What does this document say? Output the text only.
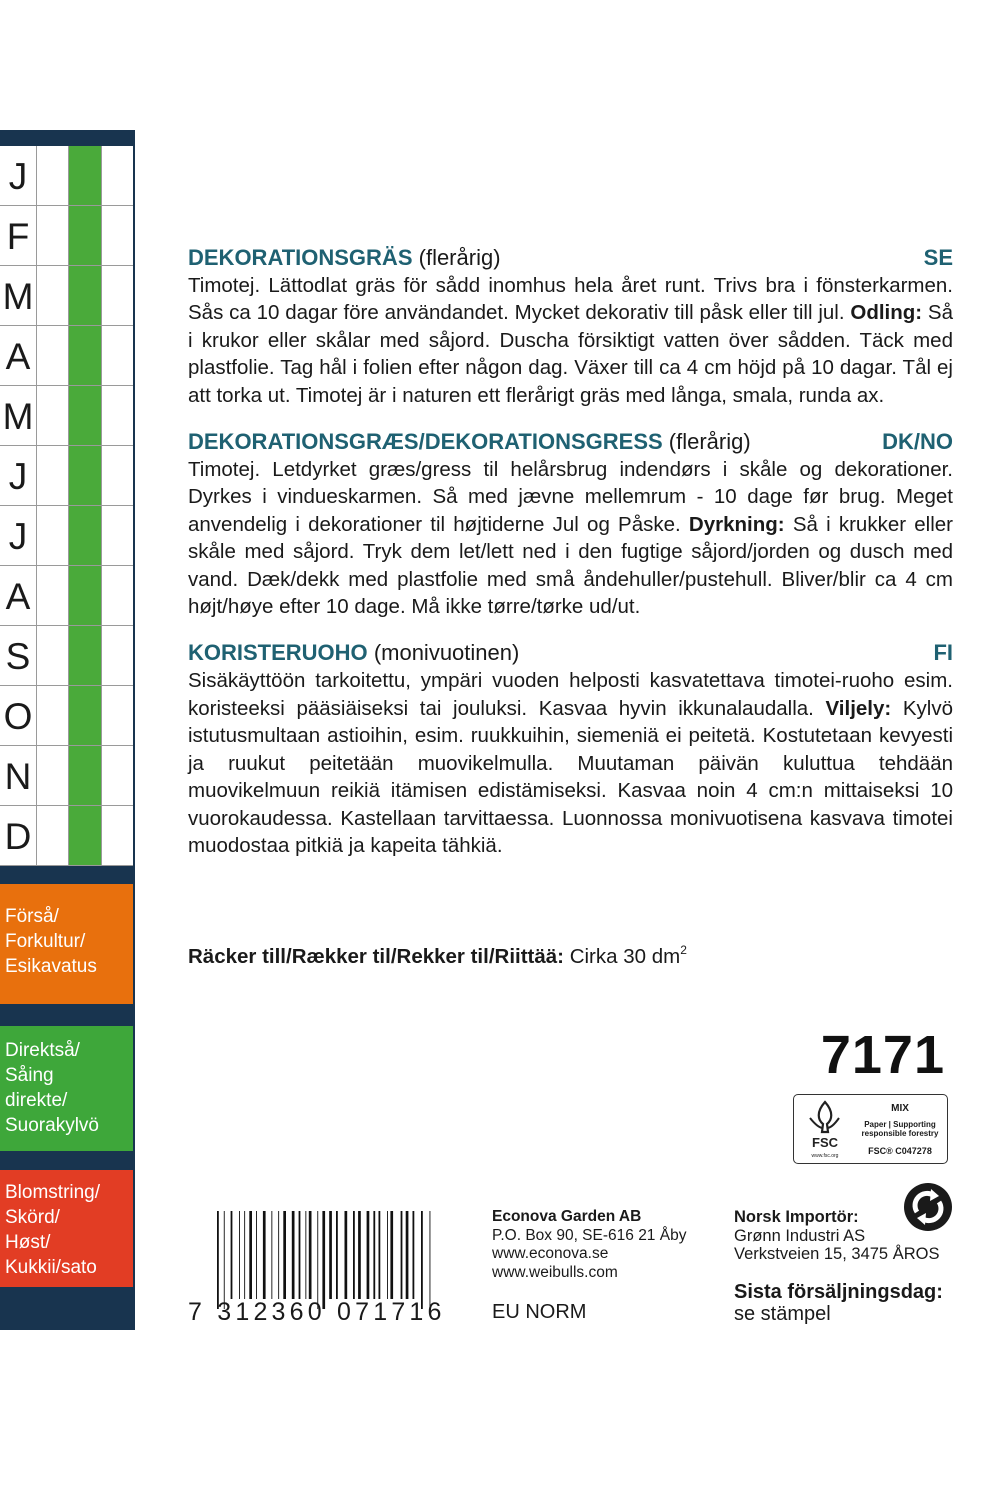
J
F
M
A
M
J
J
A
S
O
N
D
Förså/
Forkultur/
Esikavatus
Direktså/
Såing
direkte/
Suorakylvö
Blomstring/
Skörd/
Høst/
Kukkii/sato
DEKORATIONSGRÄS (flerårig)	SE

Timotej. Lättodlat gräs för sådd inomhus hela året runt. Trivs bra i fönsterkarmen. Sås ca 10 dagar före användandet. Mycket dekorativ till påsk eller till jul. Odling: Så i krukor eller skålar med såjord. Duscha försiktigt vatten över sådden. Täck med plastfolie. Tag hål i folien efter någon dag. Växer till ca 4 cm höjd på 10 dagar. Tål ej att torka ut. Timotej är i naturen ett flerårigt gräs med långa, smala, runda ax.

DEKORATIONSGRÆS/DEKORATIONSGRESS (flerårig)	DK/NO

Timotej. Letdyrket græs/gress til helårsbrug indendørs i skåle og dekorationer. Dyrkes i vindueskarmen. Så med jævne mellemrum - 10 dage før brug. Meget anvendelig i dekorationer til højtiderne Jul og Påske. Dyrkning: Så i krukker eller skåle med såjord. Tryk dem let/lett ned i den fugtige såjord/jorden og dusch med vand. Dæk/dekk med plastfolie med små åndehuller/pustehull. Bliver/blir ca 4 cm højt/høye efter 10 dage. Må ikke tørre/tørke ud/ut.

KORISTERUOHO (monivuotinen)	FI

Sisäkäyttöön tarkoitettu, ympäri vuoden helposti kasvatettava timotei-ruoho esim. koristeeksi pääsiäiseksi tai jouluksi. Kasvaa hyvin ikkunalaudalla. Viljely: Kylvö istutusmultaan astioihin, esim. ruukkuihin, siemeniä ei peitetä. Kostutetaan kevyesti ja ruukut peitetään muovikelmulla. Muutaman päivän kuluttua tehdään muovikelmuun reikiä itämisen edistämiseksi. Kasvaa noin 4 cm:n mittaiseksi 10 vuorokaudessa. Kastellaan tarvittaessa. Luonnossa monivuotisena kasvava timotei muodostaa pitkiä ja kapeita tähkiä.

Räcker till/Rækker til/Rekker til/Riittää: Cirka 30 $dm^2$
7171
FSC
www.fsc.org
MIX
Paper | Supporting
responsible forestry
FSC® C047278
7 312360 071716
Econova Garden AB
P.O. Box 90, SE-616 21 Åby
www.econova.se
www.weibulls.com
EU NORM
Norsk Importör:
Grønn Industri AS
Verkstveien 15, 3475 ÅROS
Sista försäljningsdag:
se stämpel
